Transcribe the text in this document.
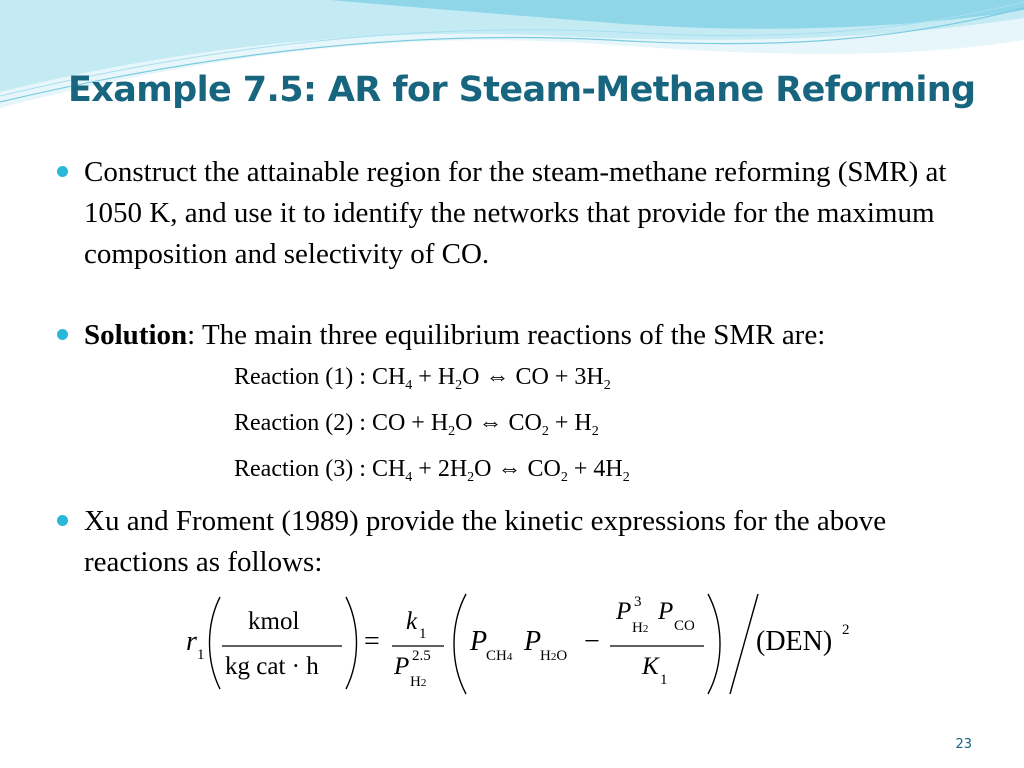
Example 7.5: AR for Steam-Methane Reforming
Construct the attainable region for the steam-methane reforming (SMR) at 1050 K, and use it to identify the networks that provide for the maximum composition and selectivity of CO.
Solution: The main three equilibrium reactions of the SMR are:
Reaction (1) : $CH_4 + H_2O$ ⇔ CO + $3H_2$
Reaction (2) : CO + $H_2O$ ⇔ $CO_2 + H_2$
Reaction (3) : $CH_4 + 2H_2O$ ⇔ $CO_2 + 4H_2$
Xu and Froment (1989) provide the kinetic expressions for the above reactions as follows:
r 1
kmol
kg cat · h
=
k 1
P 2.5
H2
P
CH4 P
H2O −
P 3
H2
P
CO
K 1
(DEN) 2
23
